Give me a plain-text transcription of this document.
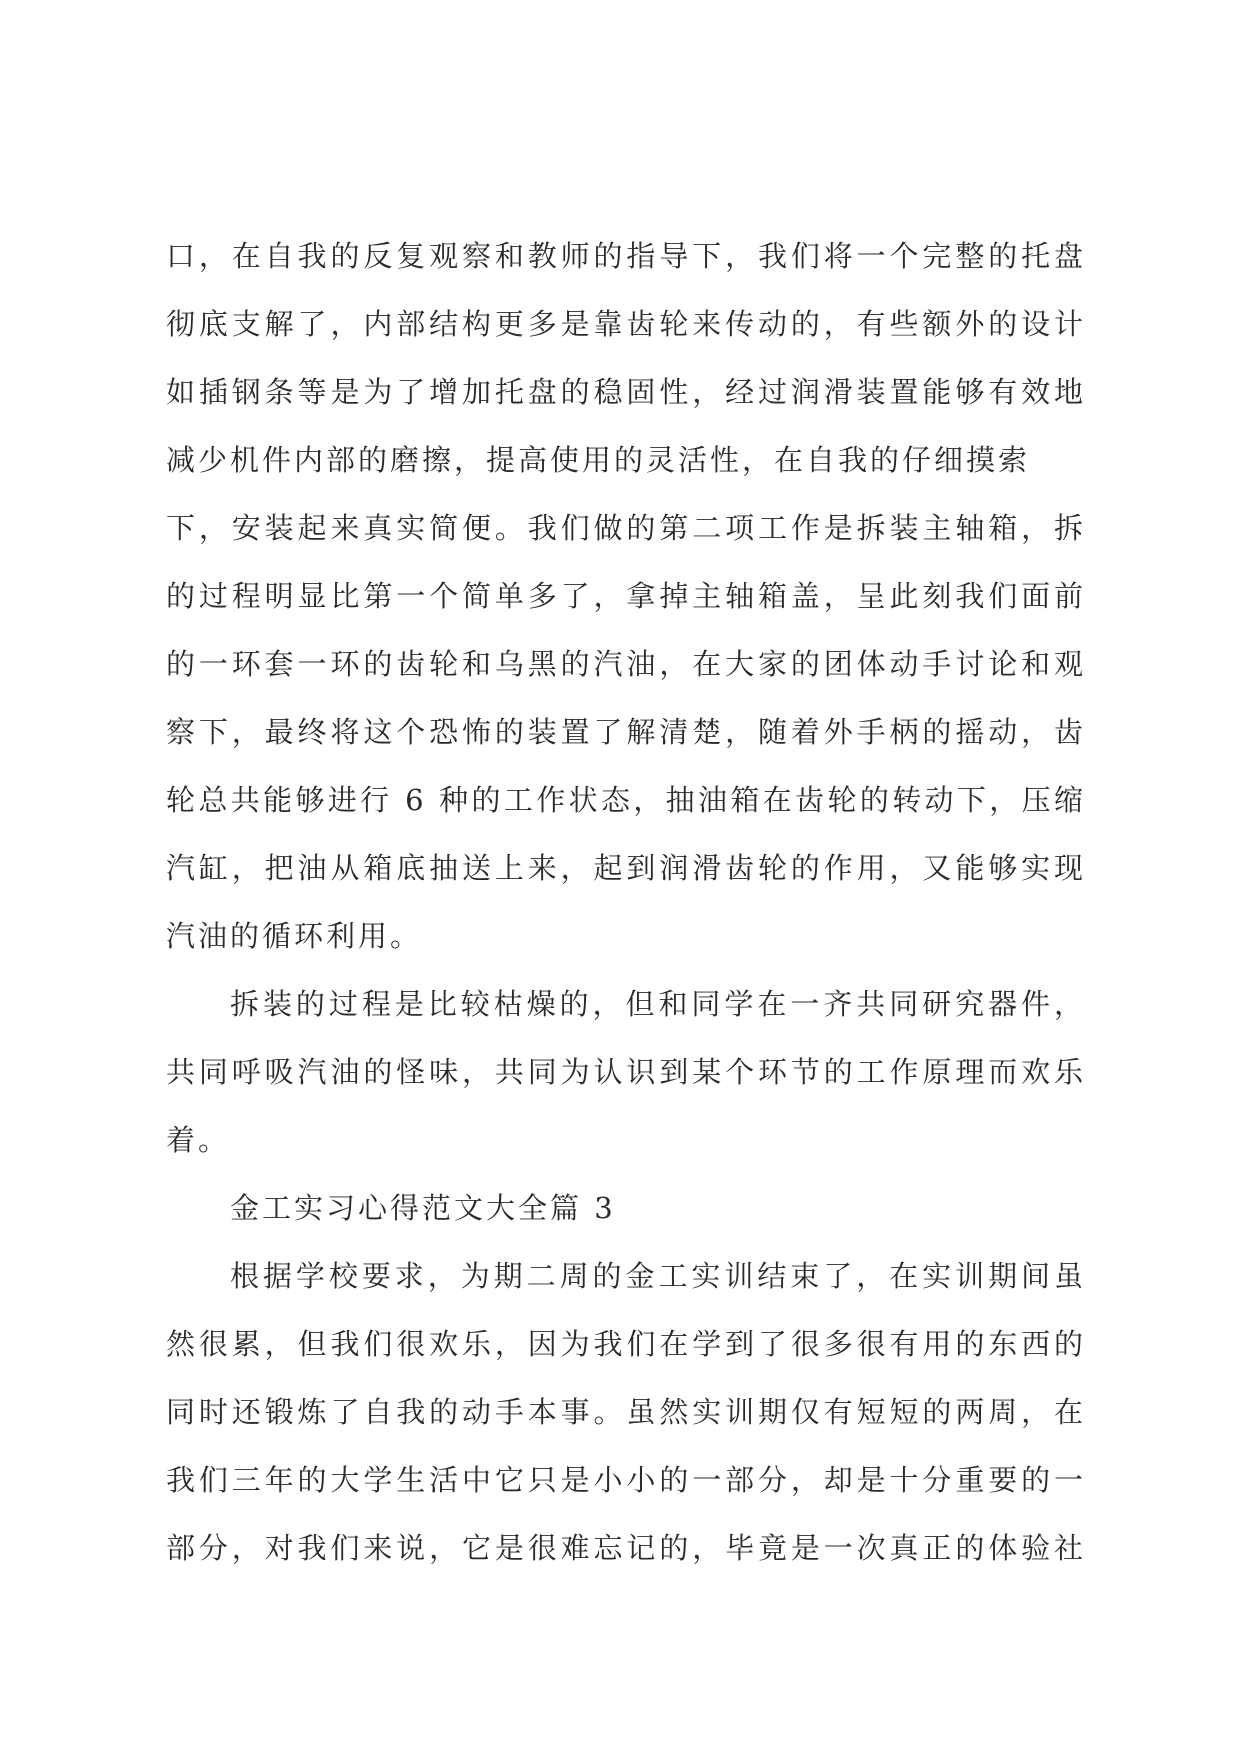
口，在自我的反复观察和教师的指导下，我们将一个完整的托盘
彻底支解了，内部结构更多是靠齿轮来传动的，有些额外的设计
如插钢条等是为了增加托盘的稳固性，经过润滑装置能够有效地
减少机件内部的磨擦，提高使用的灵活性，在自我的仔细摸索
下，安装起来真实简便。我们做的第二项工作是拆装主轴箱，拆
的过程明显比第一个简单多了，拿掉主轴箱盖，呈此刻我们面前
的一环套一环的齿轮和乌黑的汽油，在大家的团体动手讨论和观
察下，最终将这个恐怖的装置了解清楚，随着外手柄的摇动，齿
轮总共能够进行 6 种的工作状态，抽油箱在齿轮的转动下，压缩
汽缸，把油从箱底抽送上来，起到润滑齿轮的作用，又能够实现
汽油的循环利用。
拆装的过程是比较枯燥的，但和同学在一齐共同研究器件，
共同呼吸汽油的怪味，共同为认识到某个环节的工作原理而欢乐
着。
金工实习心得范文大全篇 3
根据学校要求，为期二周的金工实训结束了，在实训期间虽
然很累，但我们很欢乐，因为我们在学到了很多很有用的东西的
同时还锻炼了自我的动手本事。虽然实训期仅有短短的两周，在
我们三年的大学生活中它只是小小的一部分，却是十分重要的一
部分，对我们来说，它是很难忘记的，毕竟是一次真正的体验社
